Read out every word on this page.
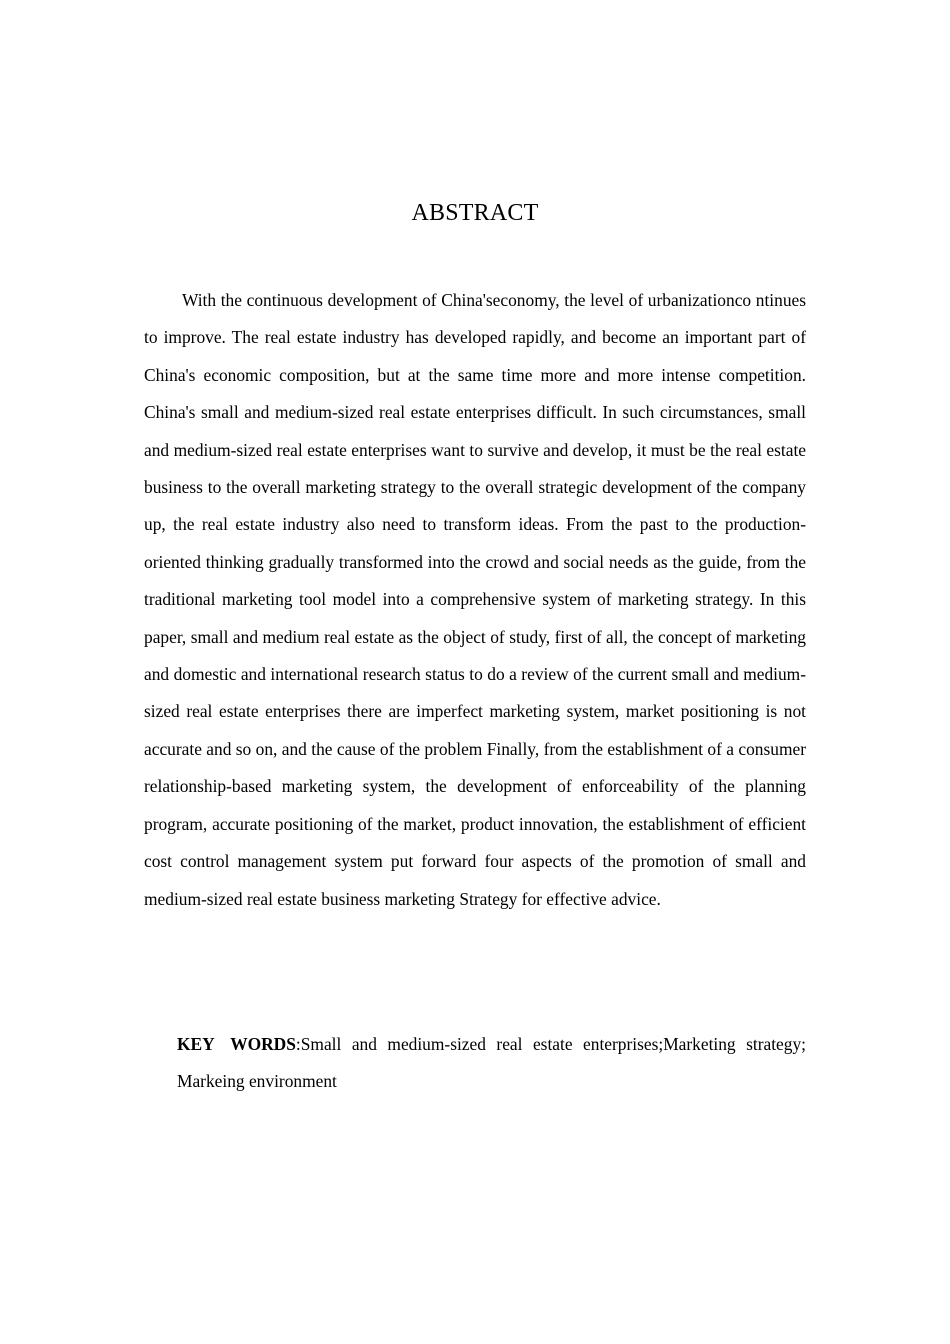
ABSTRACT

With the continuous development of China'seconomy, the level of urbanizationco ntinues to improve. The real estate industry has developed rapidly, and become an important part of China's economic composition, but at the same time more and more intense competition. China's small and medium-sized real estate enterprises difficult. In such circumstances, small and medium-sized real estate enterprises want to survive and develop, it must be the real estate business to the overall marketing strategy to the overall strategic development of the company up, the real estate industry also need to transform ideas. From the past to the production-oriented thinking gradually transformed into the crowd and social needs as the guide, from the traditional marketing tool model into a comprehensive system of marketing strategy. In this paper, small and medium real estate as the object of study, first of all, the concept of marketing and domestic and international research status to do a review of the current small and medium-sized real estate enterprises there are imperfect marketing system, market positioning is not accurate and so on, and the cause of the problem Finally, from the establishment of a consumer relationship-based marketing system, the development of enforceability of the planning program, accurate positioning of the market, product innovation, the establishment of efficient cost control management system put forward four aspects of the promotion of small and medium-sized real estate business marketing Strategy for effective advice.

KEY WORDS:Small and medium-sized real estate enterprises;Marketing strategy; Markeing environment
